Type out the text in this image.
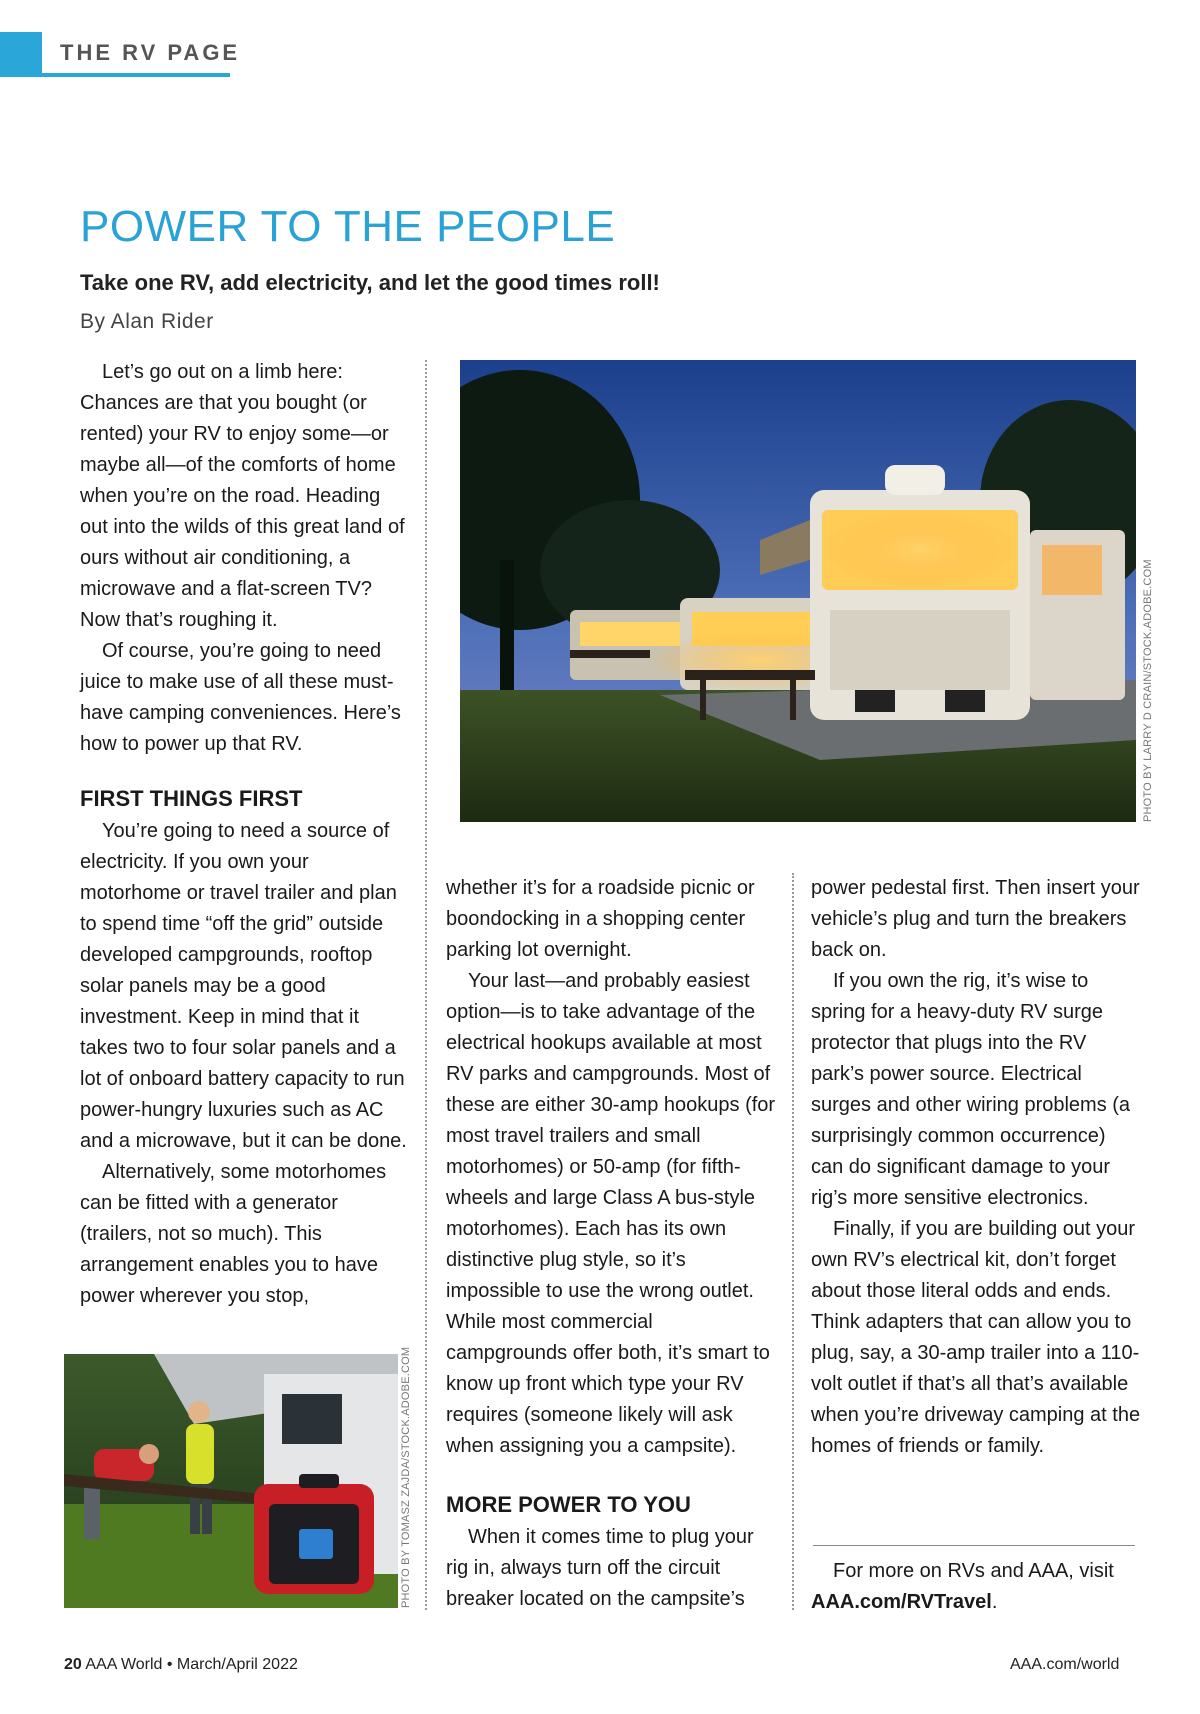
THE RV PAGE
POWER TO THE PEOPLE
Take one RV, add electricity, and let the good times roll!
By Alan Rider

Let’s go out on a limb here: Chances are that you bought (or rented) your RV to enjoy some—or maybe all—of the comforts of home when you’re on the road. Heading out into the wilds of this great land of ours without air conditioning, a microwave and a flat-screen TV? Now that’s roughing it.

Of course, you’re going to need juice to make use of all these must-have camping conveniences. Here’s how to power up that RV.

FIRST THINGS FIRST

You’re going to need a source of electricity. If you own your motorhome or travel trailer and plan to spend time “off the grid” outside developed campgrounds, rooftop solar panels may be a good investment. Keep in mind that it takes two to four solar panels and a lot of onboard battery capacity to run power-hungry luxuries such as AC and a microwave, but it can be done.

Alternatively, some motorhomes can be fitted with a generator (trailers, not so much). This arrangement enables you to have power wherever you stop,

PHOTO BY LARRY D CRAIN/STOCK.ADOBE.COM
PHOTO BY TOMASZ ZAJDA/STOCK.ADOBE.COM

whether it’s for a roadside picnic or boondocking in a shopping center parking lot overnight.

Your last—and probably easiest option—is to take advantage of the electrical hookups available at most RV parks and campgrounds. Most of these are either 30-amp hookups (for most travel trailers and small motorhomes) or 50-amp (for fifth-wheels and large Class A bus-style motorhomes). Each has its own distinctive plug style, so it’s impossible to use the wrong outlet. While most commercial campgrounds offer both, it’s smart to know up front which type your RV requires (someone likely will ask when assigning you a campsite).

MORE POWER TO YOU

When it comes time to plug your rig in, always turn off the circuit breaker located on the campsite’s

power pedestal first. Then insert your vehicle’s plug and turn the breakers back on.

If you own the rig, it’s wise to spring for a heavy-duty RV surge protector that plugs into the RV park’s power source. Electrical surges and other wiring problems (a surprisingly common occurrence) can do significant damage to your rig’s more sensitive electronics.

Finally, if you are building out your own RV’s electrical kit, don’t forget about those literal odds and ends. Think adapters that can allow you to plug, say, a 30-amp trailer into a 110-volt outlet if that’s all that’s available when you’re driveway camping at the homes of friends or family.

For more on RVs and AAA, visit
AAA.com/RVTravel.
20 AAA World • March/April 2022	AAA.com/world
